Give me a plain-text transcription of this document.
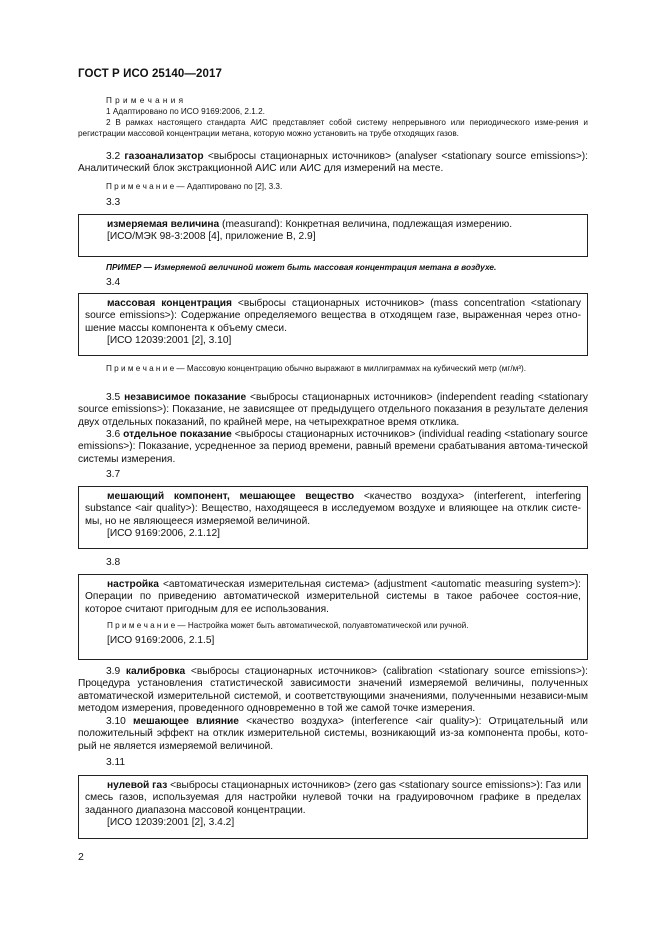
ГОСТ Р ИСО 25140—2017
П р и м е ч а н и я
1 Адаптировано по ИСО 9169:2006, 2.1.2.
2 В рамках настоящего стандарта АИС представляет собой систему непрерывного или периодического изме-рения и регистрации массовой концентрации метана, которую можно установить на трубе отходящих газов.
3.2 газоанализатор <выбросы стационарных источников> (analyser <stationary source emissions>): Аналитический блок экстракционной АИС или АИС для измерений на месте.
П р и м е ч а н и е — Адаптировано по [2], 3.3.
3.3
измеряемая величина (measurand): Конкретная величина, подлежащая измерению.
[ИСО/МЭК 98-3:2008 [4], приложение B, 2.9]
ПРИМЕР — Измеряемой величиной может быть массовая концентрация метана в воздухе.
3.4
массовая концентрация <выбросы стационарных источников> (mass concentration <stationary source emissions>): Содержание определяемого вещества в отходящем газе, выраженная через отно-шение массы компонента к объему смеси.
[ИСО 12039:2001 [2], 3.10]
П р и м е ч а н и е — Массовую концентрацию обычно выражают в миллиграммах на кубический метр (мг/м³).
3.5 независимое показание <выбросы стационарных источников> (independent reading <stationary source emissions>): Показание, не зависящее от предыдущего отдельного показания в результате деления двух отдельных показаний, по крайней мере, на четырехкратное время отклика.
3.6 отдельное показание <выбросы стационарных источников> (individual reading <stationary source emissions>): Показание, усредненное за период времени, равный времени срабатывания автома-тической системы измерения.
3.7
мешающий компонент, мешающее вещество <качество воздуха> (interferent, interfering substance <air quality>): Вещество, находящееся в исследуемом воздухе и влияющее на отклик систе-мы, но не являющееся измеряемой величиной.
[ИСО 9169:2006, 2.1.12]
3.8
настройка <автоматическая измерительная система> (adjustment <automatic measuring system>): Операции по приведению автоматической измерительной системы в такое рабочее состоя-ние, которое считают пригодным для ее использования.
П р и м е ч а н и е — Настройка может быть автоматической, полуавтоматической или ручной.
[ИСО 9169:2006, 2.1.5]
3.9 калибровка <выбросы стационарных источников> (calibration <stationary source emissions>): Процедура установления статистической зависимости значений измеряемой величины, полученных автоматической измерительной системой, и соответствующими значениями, полученными независи-мым методом измерения, проведенного одновременно в той же самой точке измерения.
3.10 мешающее влияние <качество воздуха> (interference <air quality>): Отрицательный или положительный эффект на отклик измерительной системы, возникающий из-за компонента пробы, кото-рый не является измеряемой величиной.
3.11
нулевой газ <выбросы стационарных источников> (zero gas <stationary source emissions>): Газ или смесь газов, используемая для настройки нулевой точки на градуировочном графике в пределах заданного диапазона массовой концентрации.
[ИСО 12039:2001 [2], 3.4.2]
2
